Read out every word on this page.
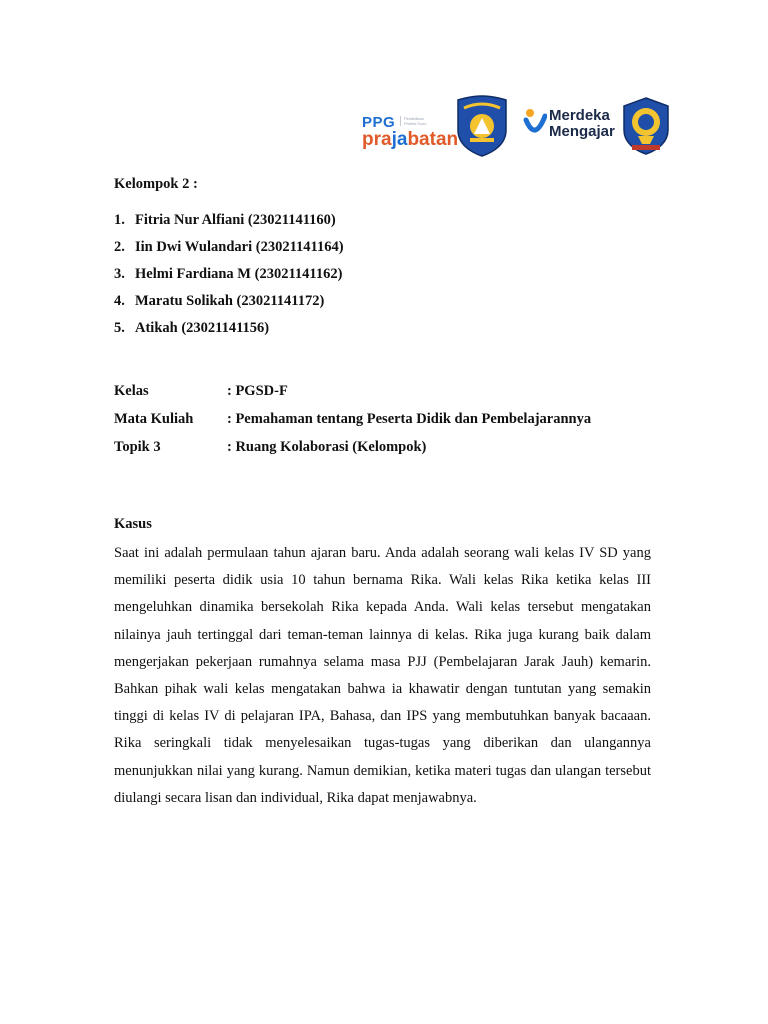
PPG	Pendidikan Profesi Guru
prajabatan
Merdeka
Mengajar
Kelompok 2 :
1. Fitria Nur Alfiani (23021141160)
2. Iin Dwi Wulandari (23021141164)
3. Helmi Fardiana M (23021141162)
4. Maratu Solikah (23021141172)
5. Atikah (23021141156)
Kelas	: PGSD-F
Mata Kuliah : Pemahaman tentang Peserta Didik dan Pembelajarannya
Topik 3	: Ruang Kolaborasi (Kelompok)
Kasus

Saat ini adalah permulaan tahun ajaran baru. Anda adalah seorang wali kelas IV SD yang memiliki peserta didik usia 10 tahun bernama Rika. Wali kelas Rika ketika kelas III mengeluhkan dinamika bersekolah Rika kepada Anda. Wali kelas tersebut mengatakan nilainya jauh tertinggal dari teman-teman lainnya di kelas. Rika juga kurang baik dalam mengerjakan pekerjaan rumahnya selama masa PJJ (Pembelajaran Jarak Jauh) kemarin. Bahkan pihak wali kelas mengatakan bahwa ia khawatir dengan tuntutan yang semakin tinggi di kelas IV di pelajaran IPA, Bahasa, dan IPS yang membutuhkan banyak bacaaan. Rika seringkali tidak menyelesaikan tugas-tugas yang diberikan dan ulangannya menunjukkan nilai yang kurang. Namun demikian, ketika materi tugas dan ulangan tersebut diulangi secara lisan dan individual, Rika dapat menjawabnya.
